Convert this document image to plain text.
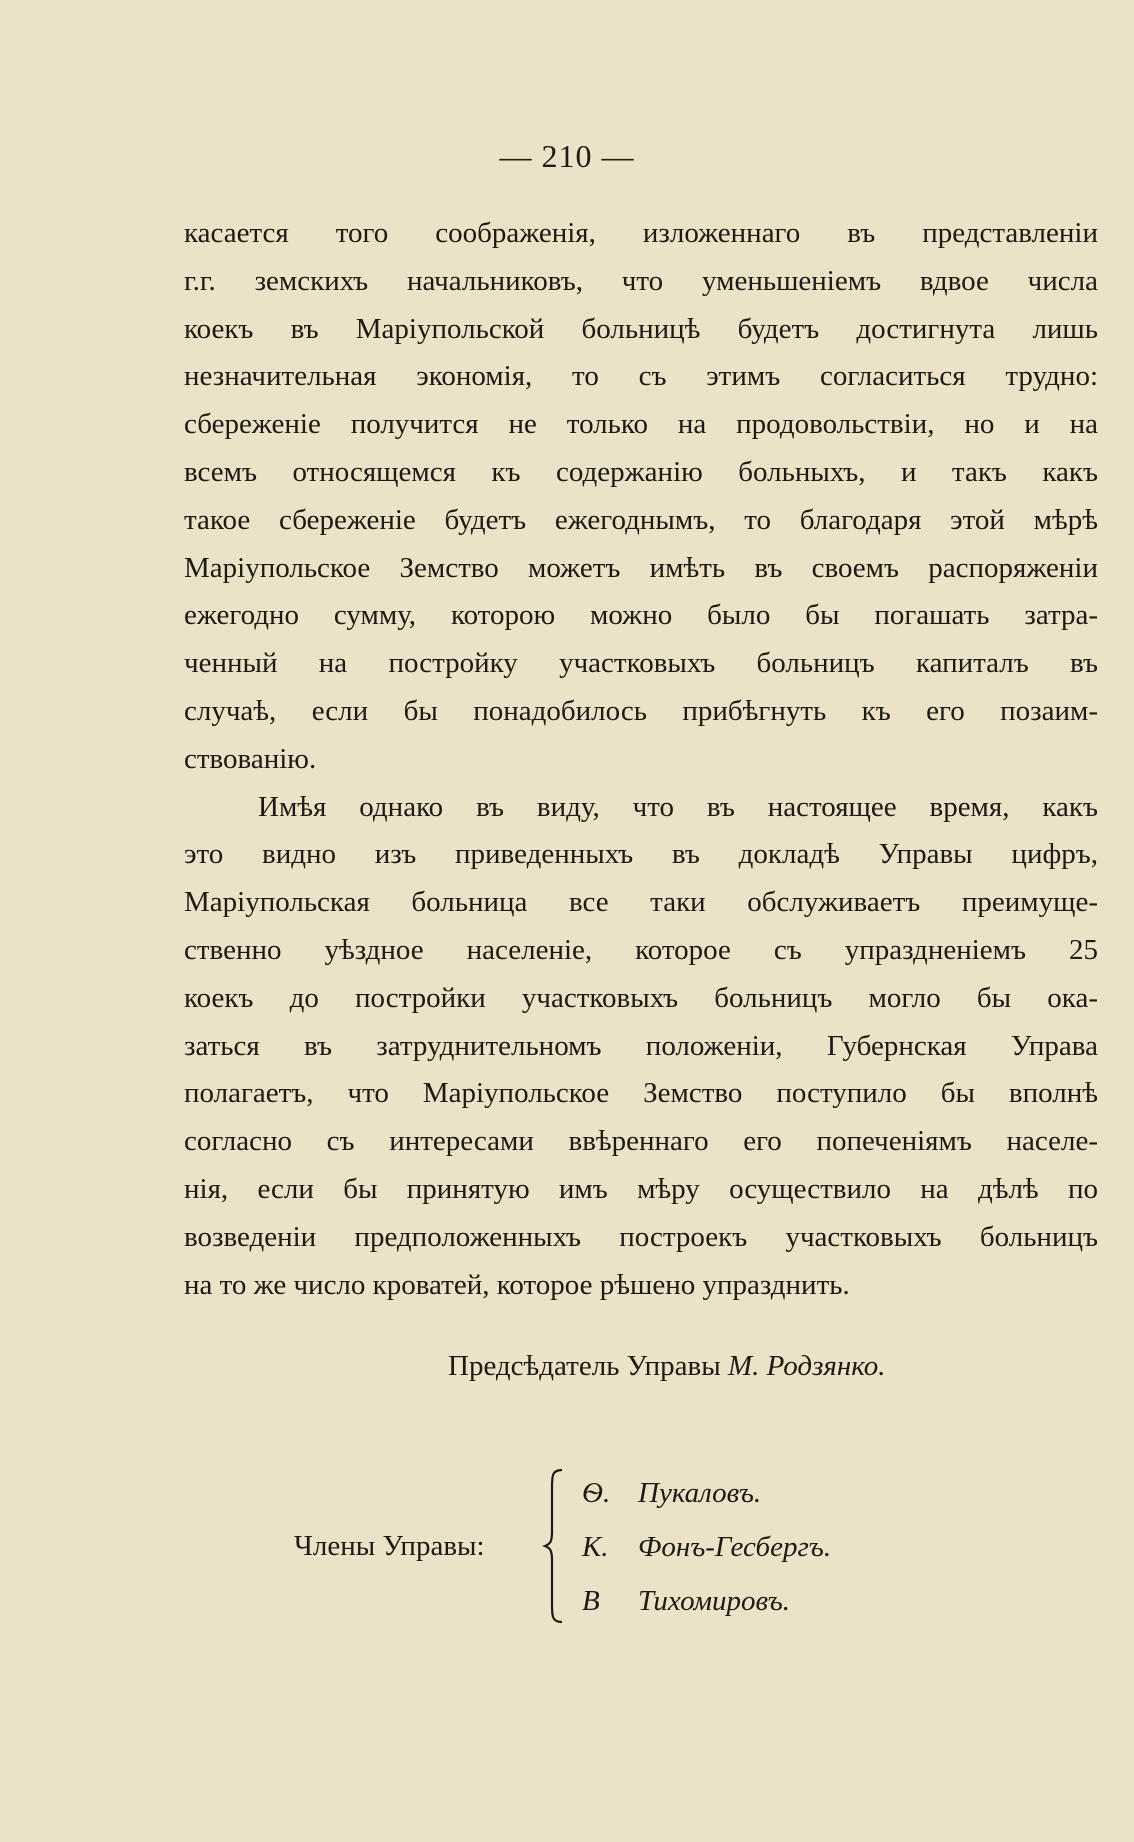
— 210 —
касается того соображенія, изложеннаго въ представленіи
г.г. земскихъ начальниковъ, что уменьшеніемъ вдвое числа
коекъ въ Маріупольской больницѣ будетъ достигнута лишь
незначительная экономія, то съ этимъ согласиться трудно:
сбереженіе получится не только на продовольствіи, но и на
всемъ относящемся къ содержанію больныхъ, и такъ какъ
такое сбереженіе будетъ ежегоднымъ, то благодаря этой мѣрѣ
Маріупольское Земство можетъ имѣть въ своемъ распоряженіи
ежегодно сумму, которою можно было бы погашать затра-
ченный на постройку участковыхъ больницъ капиталъ въ
случаѣ, если бы понадобилось прибѣгнуть къ его позаим-
ствованію.
Имѣя однако въ виду, что въ настоящее время, какъ
это видно изъ приведенныхъ въ докладѣ Управы цифръ,
Маріупольская больница все таки обслуживаетъ преимуще-
ственно уѣздное населеніе, которое съ упраздненіемъ 25
коекъ до постройки участковыхъ больницъ могло бы ока-
заться въ затруднительномъ положеніи, Губернская Управа
полагаетъ, что Маріупольское Земство поступило бы вполнѣ
согласно съ интересами ввѣреннаго его попеченіямъ населе-
нія, если бы принятую имъ мѣру осуществило на дѣлѣ по
возведеніи предположенныхъ построекъ участковыхъ больницъ
на то же число кроватей, которое рѣшено упразднить.
Предсѣдатель Управы М. Родзянко.
Члены Управы:
Ѳ. Пукаловъ.
К. Фонъ-Гесбергъ.
В Тихомировъ.
